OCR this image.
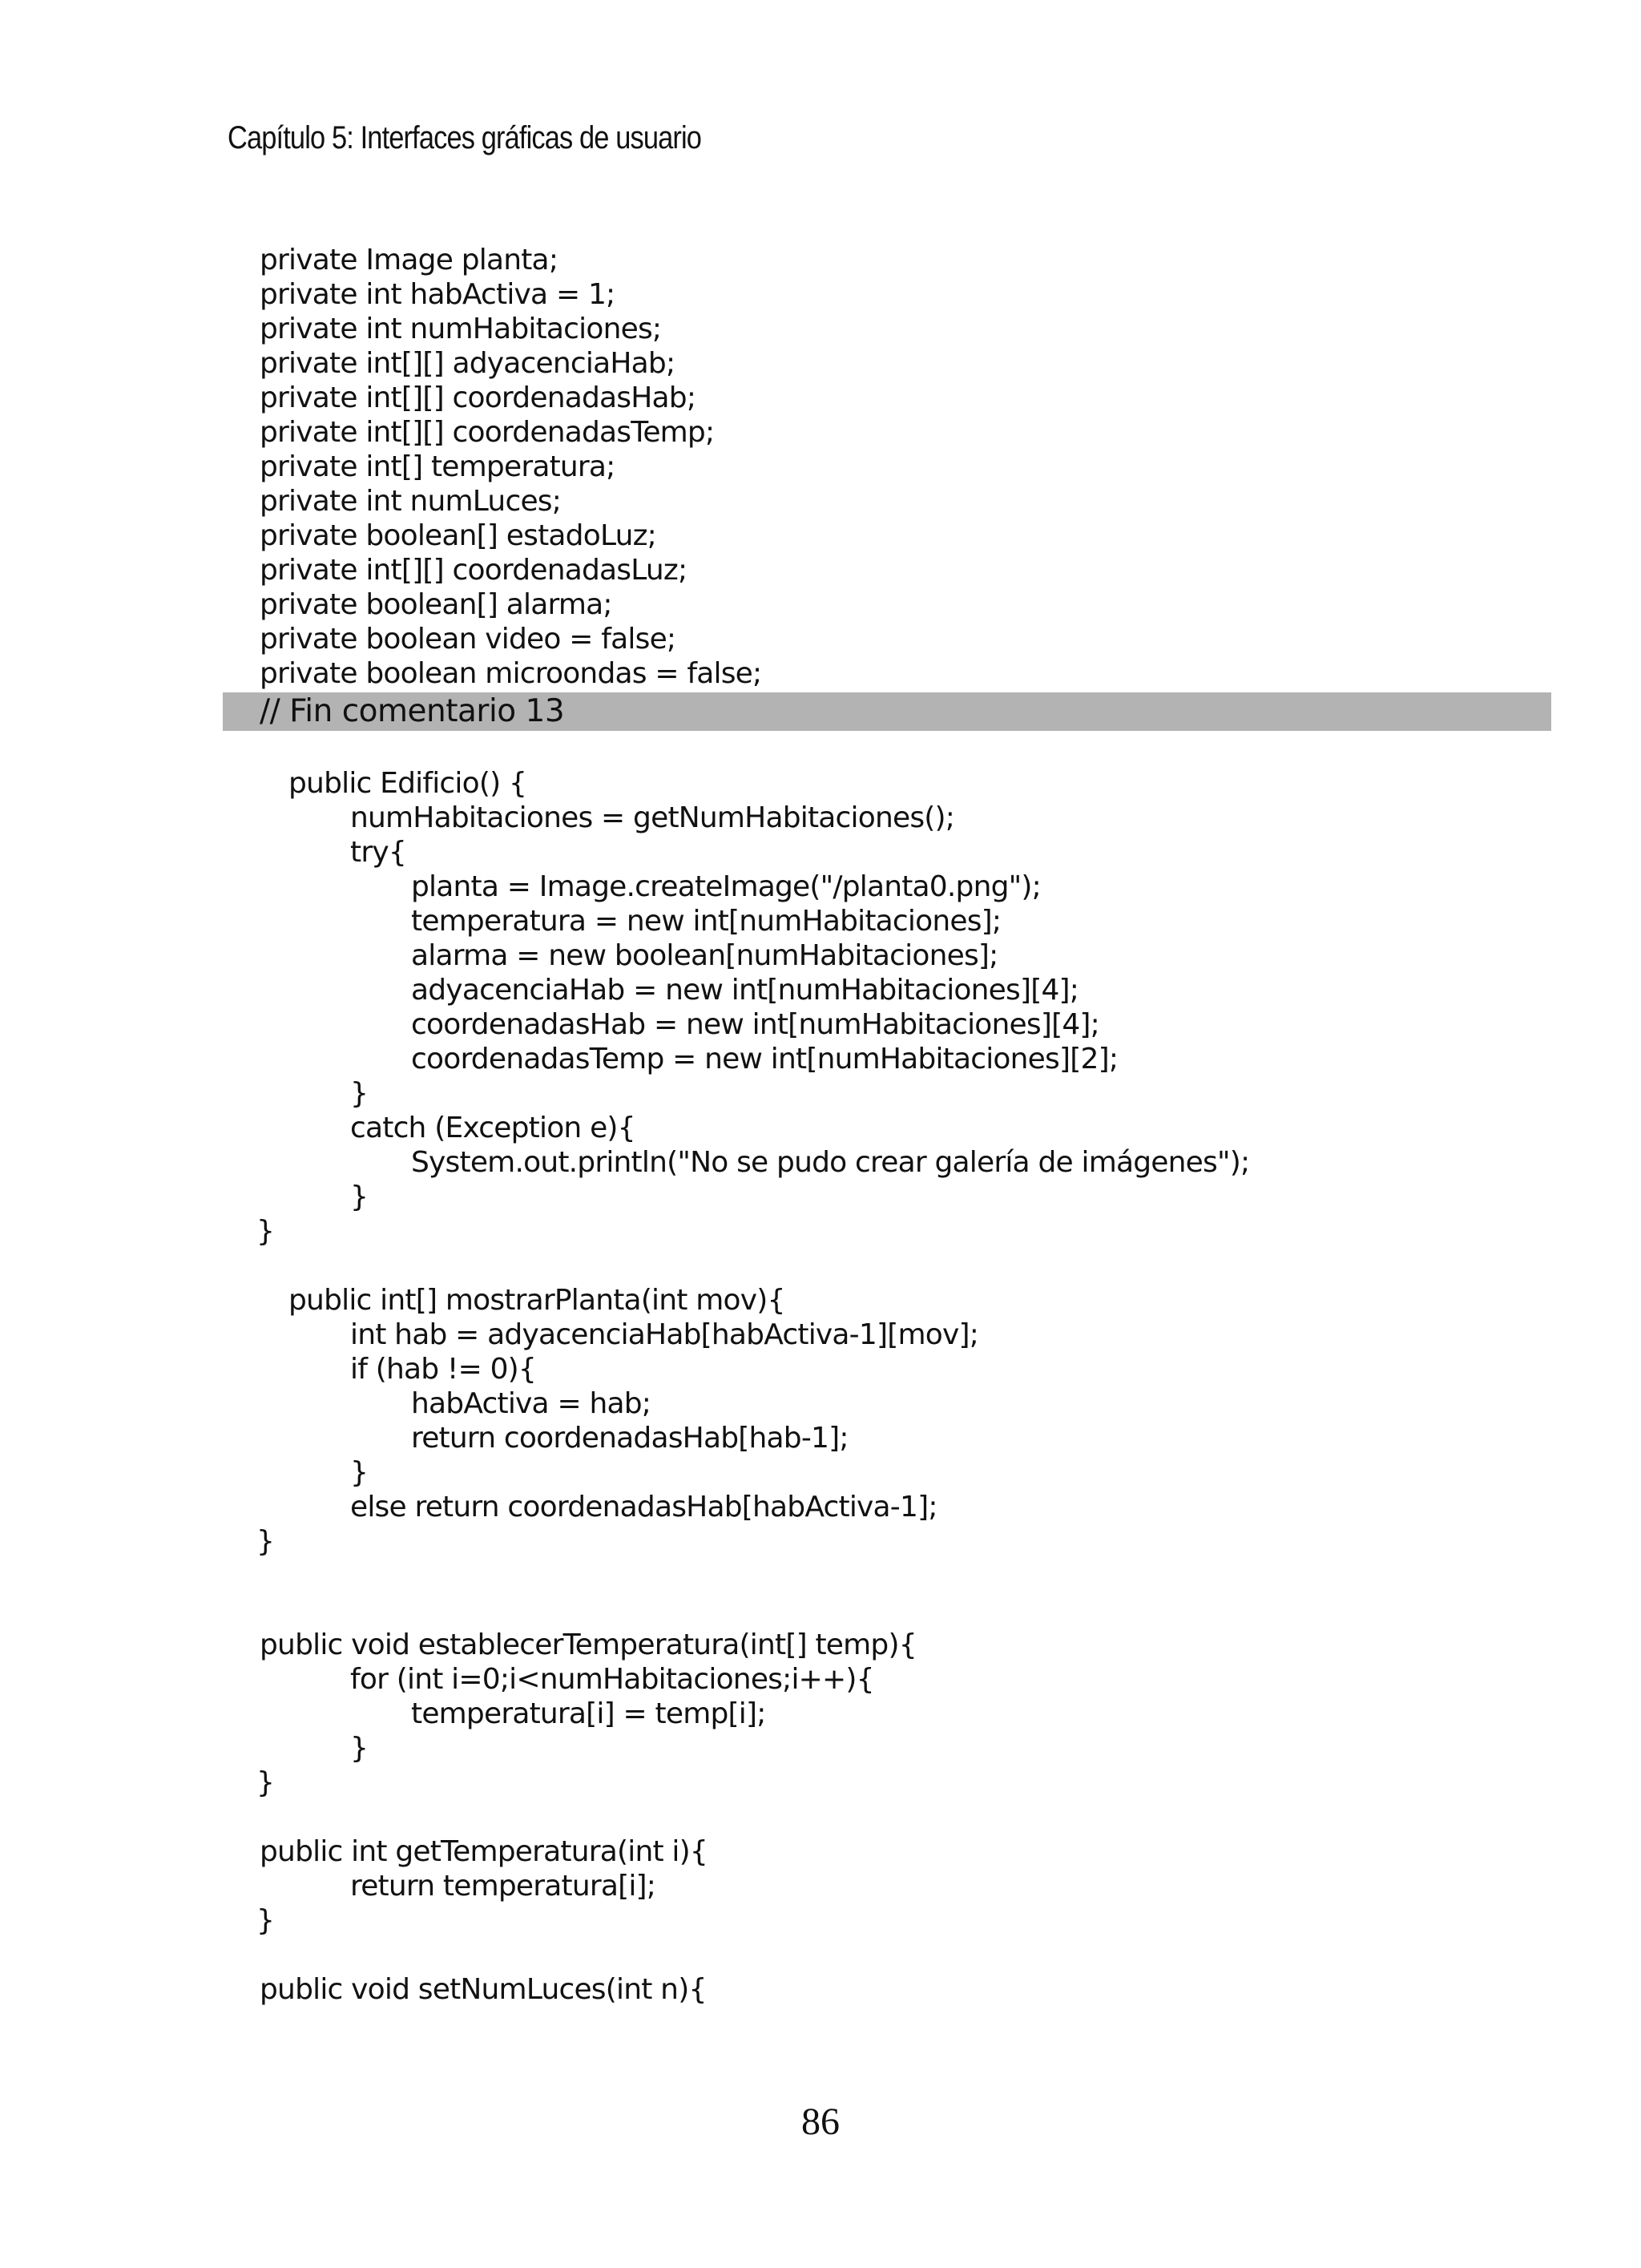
Capítulo 5: Interfaces gráficas de usuario
private Image planta;
private int habActiva = 1;
private int numHabitaciones;
private int[][] adyacenciaHab;
private int[][] coordenadasHab;
private int[][] coordenadasTemp;
private int[] temperatura;
private int numLuces;
private boolean[] estadoLuz;
private int[][] coordenadasLuz;
private boolean[] alarma;
private boolean video = false;
private boolean microondas = false;
// Fin comentario 13
public Edificio() {
numHabitaciones = getNumHabitaciones();
try{
planta = Image.createImage("/planta0.png");
temperatura = new int[numHabitaciones];
alarma = new boolean[numHabitaciones];
adyacenciaHab = new int[numHabitaciones][4];
coordenadasHab = new int[numHabitaciones][4];
coordenadasTemp = new int[numHabitaciones][2];
}
catch (Exception e){
System.out.println("No se pudo crear galería de imágenes");
}
}
public int[] mostrarPlanta(int mov){
int hab = adyacenciaHab[habActiva-1][mov];
if (hab != 0){
habActiva = hab;
return coordenadasHab[hab-1];
}
else return coordenadasHab[habActiva-1];
}
public void establecerTemperatura(int[] temp){
for (int i=0;i<numHabitaciones;i++){
temperatura[i] = temp[i];
}
}
public int getTemperatura(int i){
return temperatura[i];
}
public void setNumLuces(int n){
86
